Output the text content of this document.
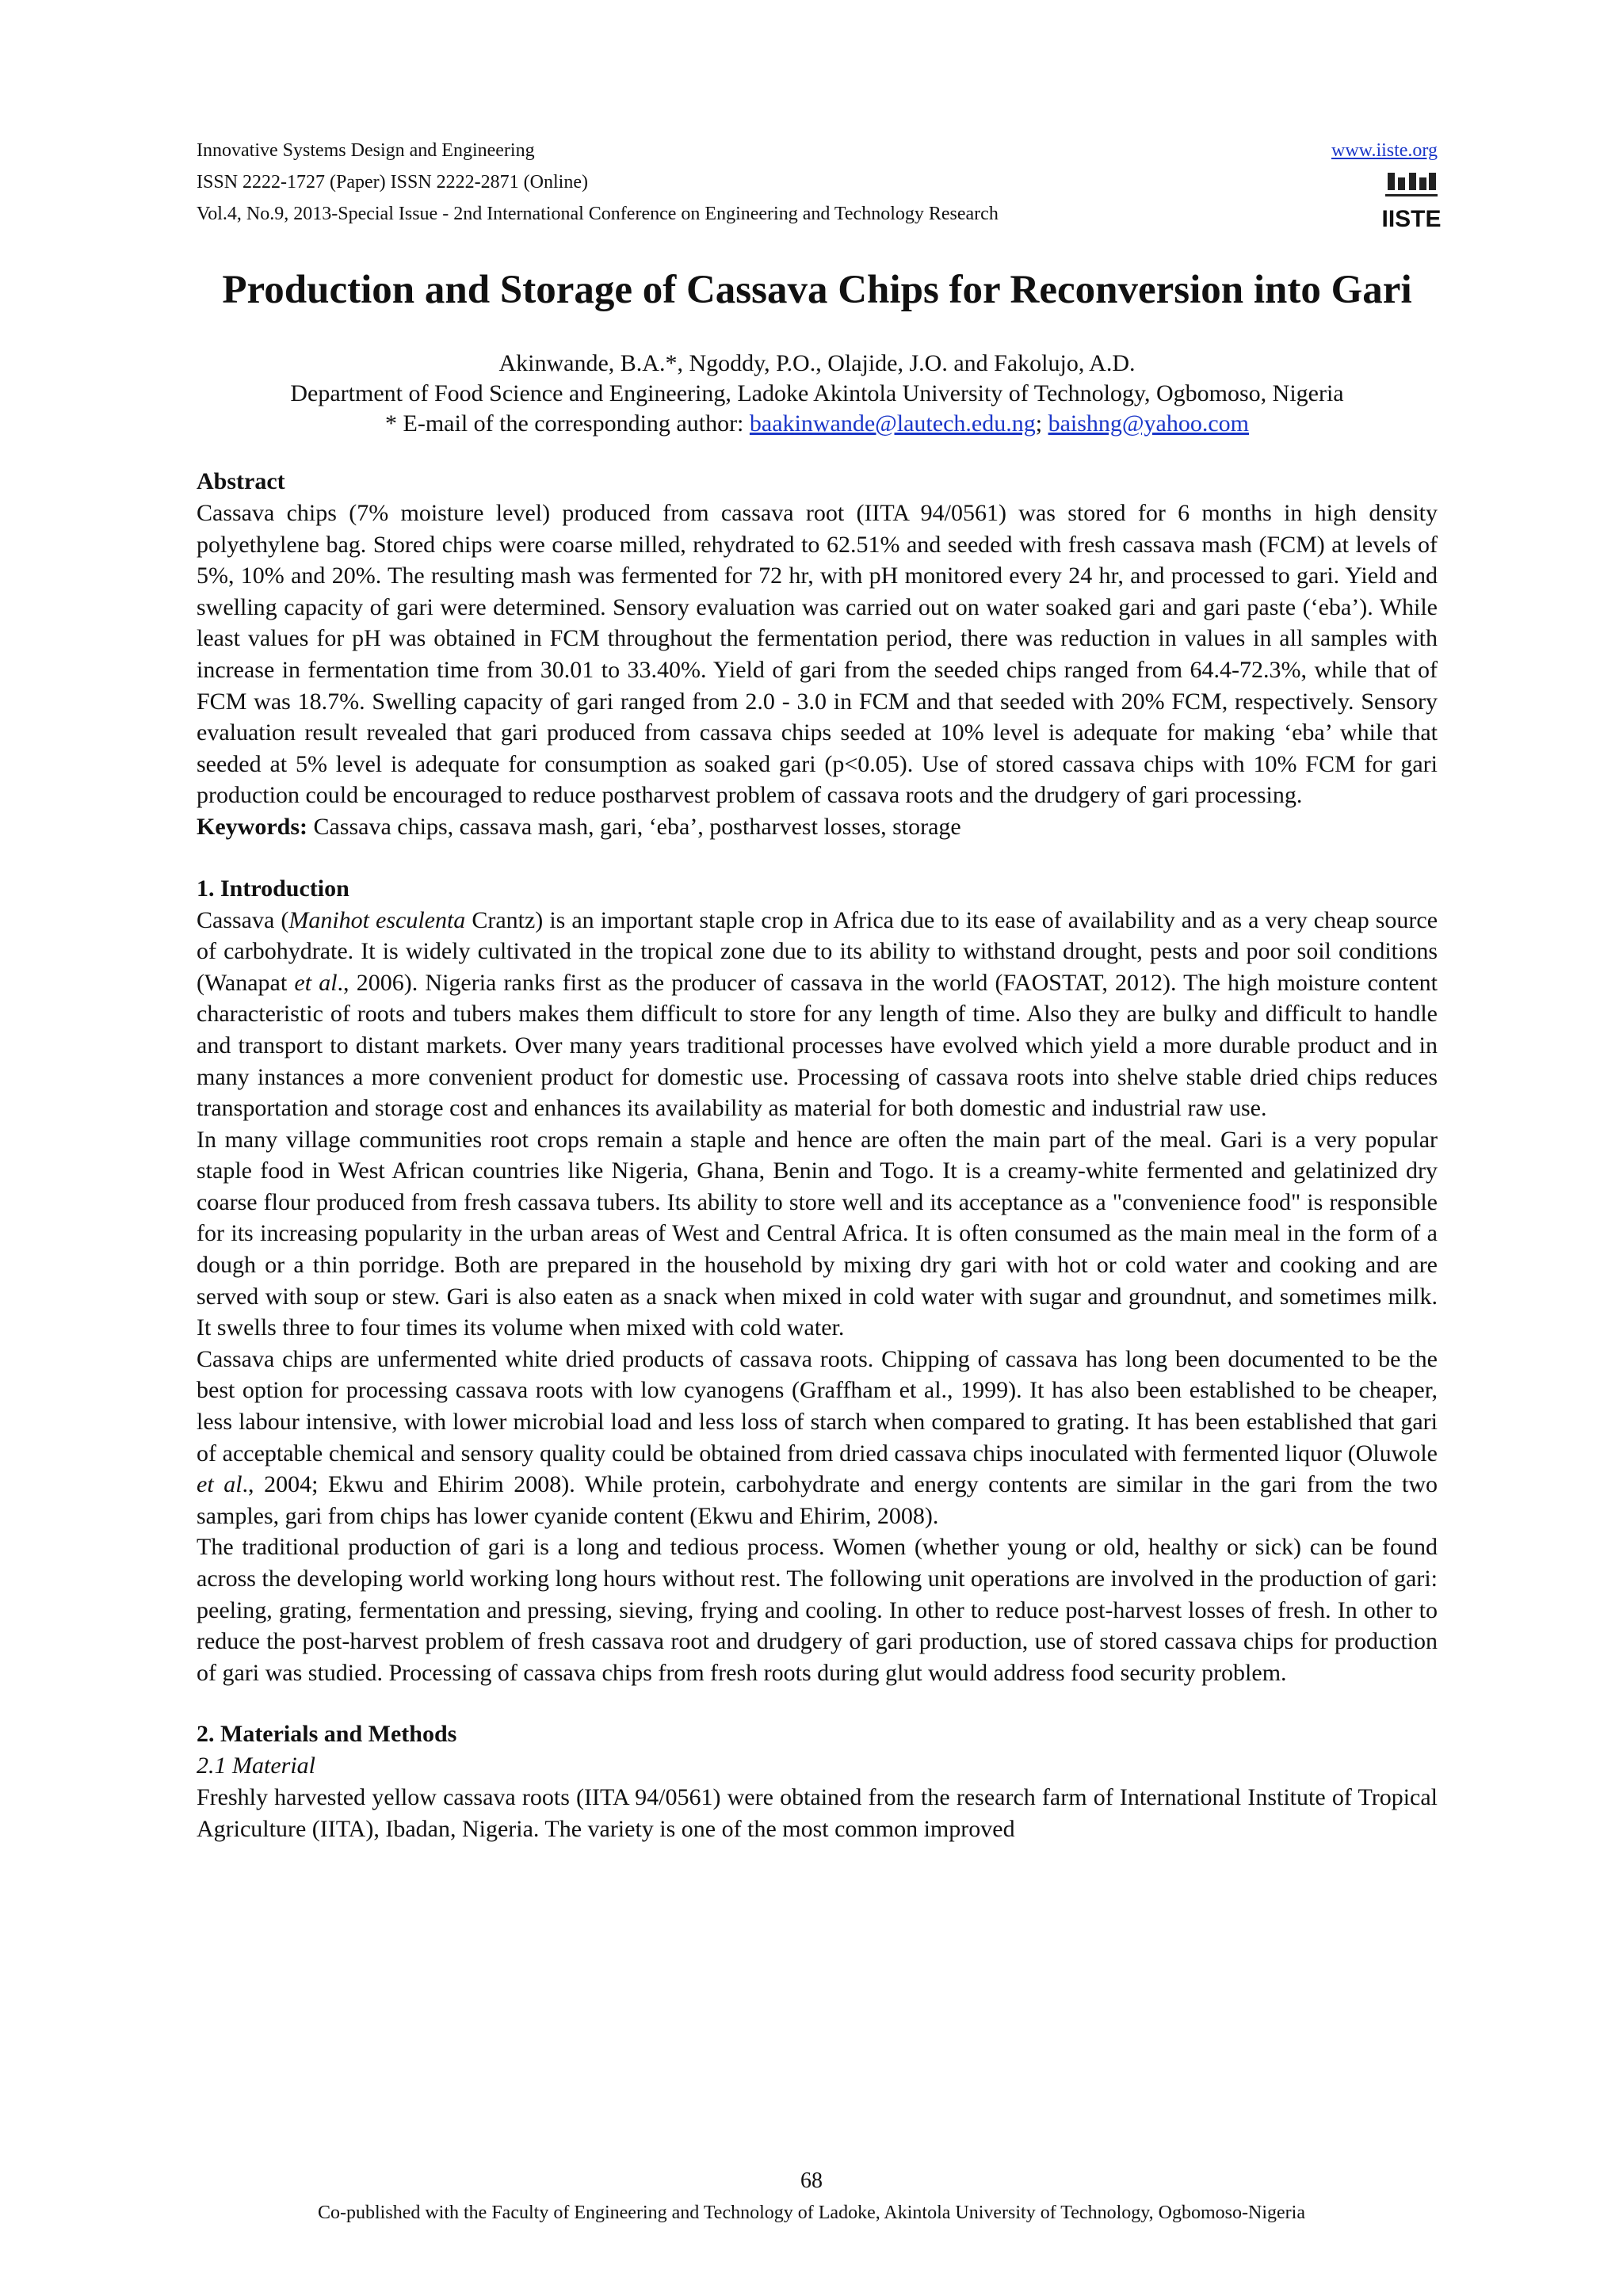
Innovative Systems Design and Engineering
ISSN 2222-1727 (Paper) ISSN 2222-2871 (Online)
Vol.4, No.9, 2013-Special Issue - 2nd International Conference on Engineering and Technology Research
www.iiste.org
IISTE
Production and Storage of Cassava Chips for Reconversion into Gari
Akinwande, B.A.*, Ngoddy, P.O., Olajide, J.O. and Fakolujo, A.D.
Department of Food Science and Engineering, Ladoke Akintola University of Technology, Ogbomoso, Nigeria
* E-mail of the corresponding author: baakinwande@lautech.edu.ng; baishng@yahoo.com
Abstract

Cassava chips (7% moisture level) produced from cassava root (IITA 94/0561) was stored for 6 months in high density polyethylene bag. Stored chips were coarse milled, rehydrated to 62.51% and seeded with fresh cassava mash (FCM) at levels of 5%, 10% and 20%. The resulting mash was fermented for 72 hr, with pH monitored every 24 hr, and processed to gari. Yield and swelling capacity of gari were determined. Sensory evaluation was carried out on water soaked gari and gari paste (‘eba’). While least values for pH was obtained in FCM throughout the fermentation period, there was reduction in values in all samples with increase in fermentation time from 30.01 to 33.40%. Yield of gari from the seeded chips ranged from 64.4-72.3%, while that of FCM was 18.7%. Swelling capacity of gari ranged from 2.0 - 3.0 in FCM and that seeded with 20% FCM, respectively. Sensory evaluation result revealed that gari produced from cassava chips seeded at 10% level is adequate for making ‘eba’ while that seeded at 5% level is adequate for consumption as soaked gari (p<0.05). Use of stored cassava chips with 10% FCM for gari production could be encouraged to reduce postharvest problem of cassava roots and the drudgery of gari processing.

Keywords: Cassava chips, cassava mash, gari, ‘eba’, postharvest losses, storage

1. Introduction

Cassava (Manihot esculenta Crantz) is an important staple crop in Africa due to its ease of availability and as a very cheap source of carbohydrate. It is widely cultivated in the tropical zone due to its ability to withstand drought, pests and poor soil conditions (Wanapat et al., 2006). Nigeria ranks first as the producer of cassava in the world (FAOSTAT, 2012). The high moisture content characteristic of roots and tubers makes them difficult to store for any length of time. Also they are bulky and difficult to handle and transport to distant markets. Over many years traditional processes have evolved which yield a more durable product and in many instances a more convenient product for domestic use. Processing of cassava roots into shelve stable dried chips reduces transportation and storage cost and enhances its availability as material for both domestic and industrial raw use.

In many village communities root crops remain a staple and hence are often the main part of the meal. Gari is a very popular staple food in West African countries like Nigeria, Ghana, Benin and Togo. It is a creamy-white fermented and gelatinized dry coarse flour produced from fresh cassava tubers. Its ability to store well and its acceptance as a "convenience food" is responsible for its increasing popularity in the urban areas of West and Central Africa. It is often consumed as the main meal in the form of a dough or a thin porridge. Both are prepared in the household by mixing dry gari with hot or cold water and cooking and are served with soup or stew. Gari is also eaten as a snack when mixed in cold water with sugar and groundnut, and sometimes milk. It swells three to four times its volume when mixed with cold water.

Cassava chips are unfermented white dried products of cassava roots. Chipping of cassava has long been documented to be the best option for processing cassava roots with low cyanogens (Graffham et al., 1999). It has also been established to be cheaper, less labour intensive, with lower microbial load and less loss of starch when compared to grating. It has been established that gari of acceptable chemical and sensory quality could be obtained from dried cassava chips inoculated with fermented liquor (Oluwole et al., 2004; Ekwu and Ehirim 2008). While protein, carbohydrate and energy contents are similar in the gari from the two samples, gari from chips has lower cyanide content (Ekwu and Ehirim, 2008).

The traditional production of gari is a long and tedious process. Women (whether young or old, healthy or sick) can be found across the developing world working long hours without rest. The following unit operations are involved in the production of gari: peeling, grating, fermentation and pressing, sieving, frying and cooling. In other to reduce post-harvest losses of fresh. In other to reduce the post-harvest problem of fresh cassava root and drudgery of gari production, use of stored cassava chips for production of gari was studied. Processing of cassava chips from fresh roots during glut would address food security problem.

2. Materials and Methods
2.1 Material

Freshly harvested yellow cassava roots (IITA 94/0561) were obtained from the research farm of International Institute of Tropical Agriculture (IITA), Ibadan, Nigeria. The variety is one of the most common improved

68
Co-published with the Faculty of Engineering and Technology of Ladoke, Akintola University of Technology, Ogbomoso-Nigeria
